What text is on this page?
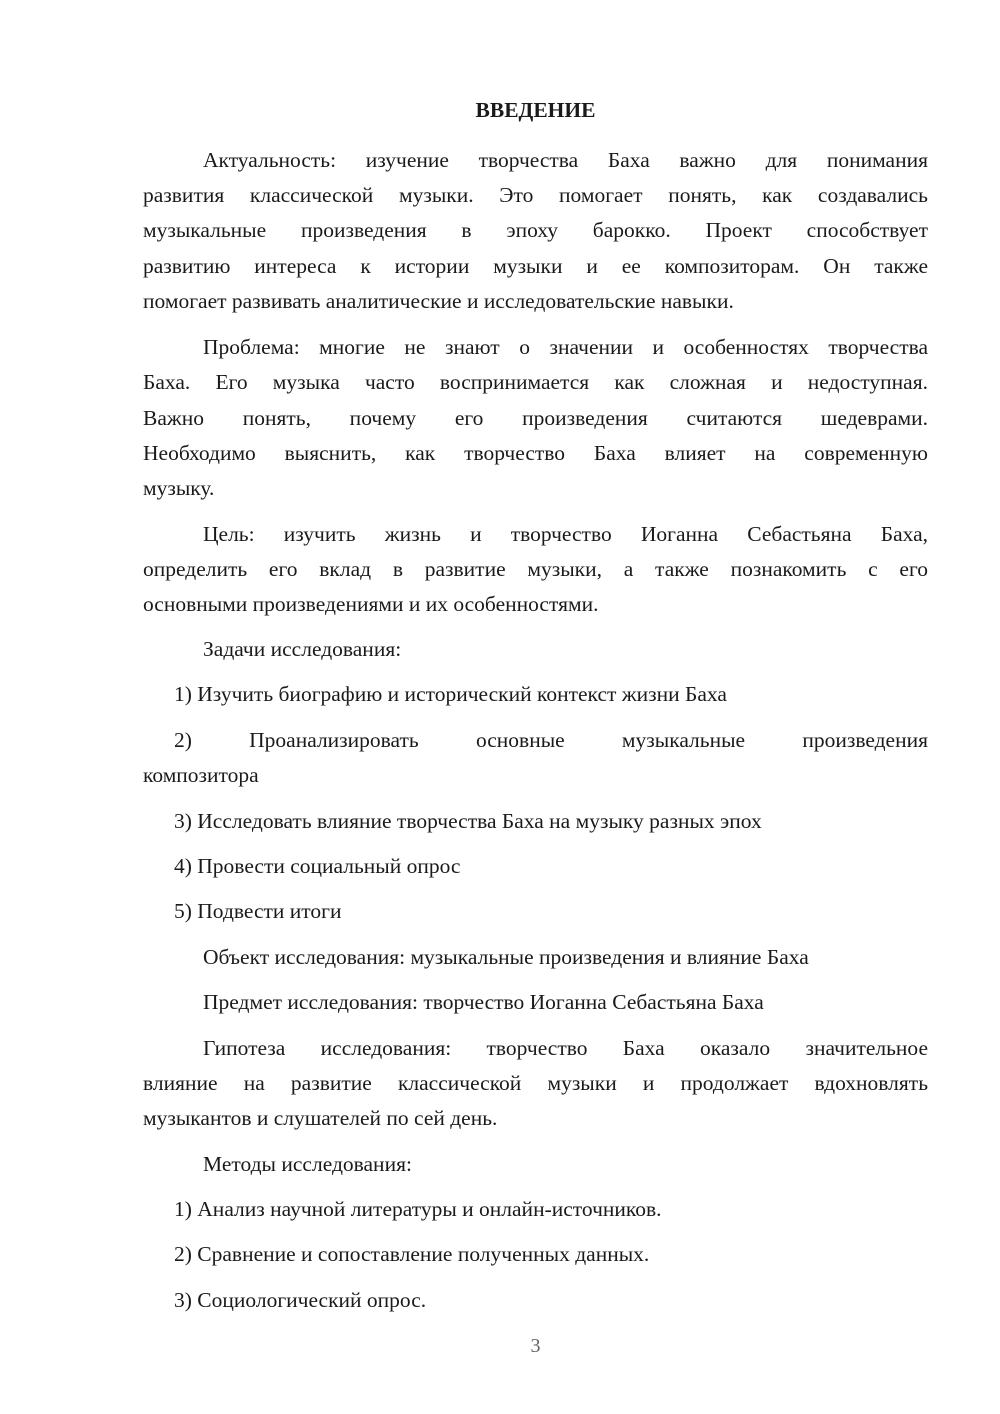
ВВЕДЕНИЕ
Актуальность: изучение творчества Баха важно для понимания
развития классической музыки. Это помогает понять, как создавались
музыкальные произведения в эпоху барокко. Проект способствует
развитию интереса к истории музыки и ее композиторам. Он также
помогает развивать аналитические и исследовательские навыки.
Проблема: многие не знают о значении и особенностях творчества
Баха. Его музыка часто воспринимается как сложная и недоступная.
Важно понять, почему его произведения считаются шедеврами.
Необходимо выяснить, как творчество Баха влияет на современную
музыку.
Цель: изучить жизнь и творчество Иоганна Себастьяна Баха,
определить его вклад в развитие музыки, а также познакомить с его
основными произведениями и их особенностями.
Задачи исследования:
1) Изучить биографию и исторический контекст жизни Баха
2) Проанализировать основные музыкальные произведения
композитора
3) Исследовать влияние творчества Баха на музыку разных эпох
4) Провести социальный опрос
5) Подвести итоги
Объект исследования: музыкальные произведения и влияние Баха
Предмет исследования: творчество Иоганна Себастьяна Баха
Гипотеза исследования: творчество Баха оказало значительное
влияние на развитие классической музыки и продолжает вдохновлять
музыкантов и слушателей по сей день.
Методы исследования:
1) Анализ научной литературы и онлайн-источников.
2) Сравнение и сопоставление полученных данных.
3) Социологический опрос.
3
